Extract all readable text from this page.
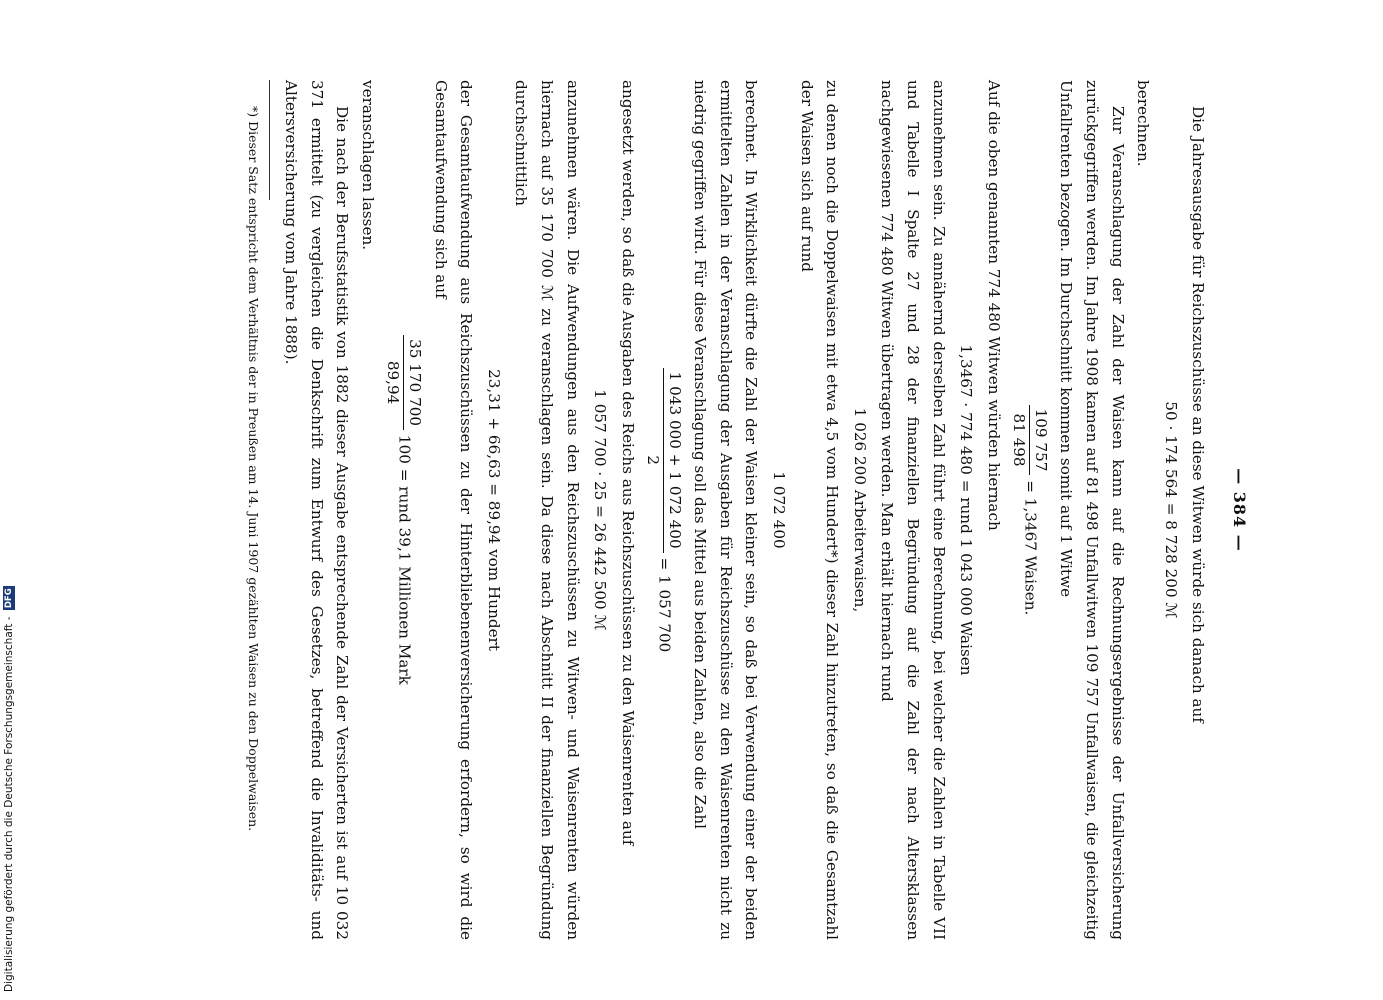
— 384 —

Die Jahresausgabe für Reichszuschüsse an diese Witwen würde sich danach auf

50 · 174 564 = 8 728 200 ℳ

berechnen.

Zur Veranschlagung der Zahl der Waisen kann auf die Rechnungsergebnisse der Unfallversicherung zurückgegriffen werden. Im Jahre 1908 kamen auf 81 498 Unfallwitwen 109 757 Unfallwaisen, die gleichzeitig Unfallrenten bezogen. Im Durchschnitt kommen somit auf 1 Witwe

109 757
81 498
= 1,3467 Waisen.

Auf die oben genannten 774 480 Witwen würden hiernach

1,3467 · 774 480 = rund 1 043 000 Waisen

anzunehmen sein. Zu annähernd derselben Zahl führt eine Berechnung, bei welcher die Zahlen in Tabelle VII und Tabelle I Spalte 27 und 28 der finanziellen Begründung auf die Zahl der nach Altersklassen nachgewiesenen 774 480 Witwen übertragen werden. Man erhält hiernach rund

1 026 200 Arbeiterwaisen,

zu denen noch die Doppelwaisen mit etwa 4,5 vom Hundert*) dieser Zahl hinzutreten, so daß die Gesamtzahl der Waisen sich auf rund

1 072 400

berechnet. In Wirklichkeit dürfte die Zahl der Waisen kleiner sein, so daß bei Verwendung einer der beiden ermittelten Zahlen in der Veranschlagung der Ausgaben für Reichszuschüsse zu den Waisenrenten nicht zu niedrig gegriffen wird. Für diese Veranschlagung soll das Mittel aus beiden Zahlen, also die Zahl

1 043 000 + 1 072 400
2
= 1 057 700

angesetzt werden, so daß die Ausgaben des Reichs aus Reichszuschüssen zu den Waisenrenten auf

1 057 700 · 25 = 26 442 500 ℳ

anzunehmen wären. Die Aufwendungen aus den Reichszuschüssen zu Witwen- und Waisenrenten würden hiernach auf 35 170 700 ℳ zu veranschlagen sein. Da diese nach Abschnitt II der finanziellen Begründung durchschnittlich

23,31 + 66,63 = 89,94 vom Hundert

der Gesamtaufwendung aus Reichszuschüssen zu der Hinterbliebenenversicherung erfordern, so wird die Gesamtaufwendung sich auf

35 170 700
89,94
100 = rund 39,1 Millionen Mark

veranschlagen lassen.

Die nach der Berufsstatistik von 1882 dieser Ausgabe entsprechende Zahl der Versicherten ist auf 10 032 371 ermittelt (zu vergleichen die Denkschrift zum Entwurf des Gesetzes, betreffend die Invaliditäts- und Altersversicherung vom Jahre 1888).

*) Dieser Satz entspricht dem Verhältnis der in Preußen am 14. Juni 1907 gezählten Waisen zu den Doppelwaisen.

Digitalisierung gefördert durch die Deutsche Forschungsgemeinschaft - DFG
